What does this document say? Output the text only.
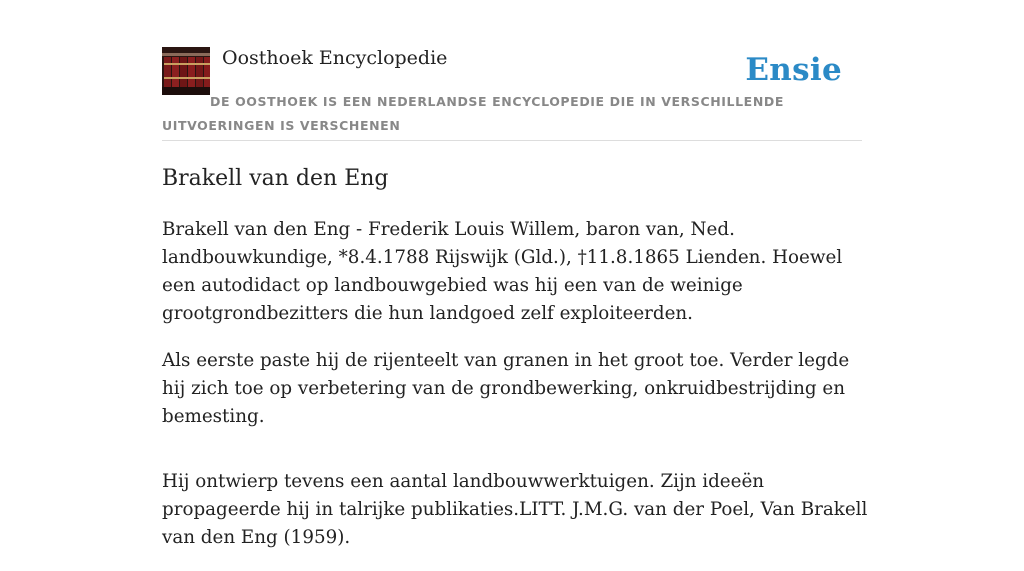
Oosthoek Encyclopedie	Ensie
DE OOSTHOEK IS EEN NEDERLANDSE ENCYCLOPEDIE DIE IN VERSCHILLENDE UITVOERINGEN IS VERSCHENEN
Brakell van den Eng

Brakell van den Eng - Frederik Louis Willem, baron van, Ned. landbouwkundige, *8.4.1788 Rijswijk (Gld.), †11.8.1865 Lienden. Hoewel een autodidact op landbouwgebied was hij een van de weinige grootgrondbezitters die hun landgoed zelf exploiteerden.

Als eerste paste hij de rijenteelt van granen in het groot toe. Verder legde hij zich toe op verbetering van de grondbewerking, onkruidbestrijding en bemesting.

Hij ontwierp tevens een aantal landbouwwerktuigen. Zijn ideeën propageerde hij in talrijke publikaties.LITT. J.M.G. van der Poel, Van Brakell van den Eng (1959).
